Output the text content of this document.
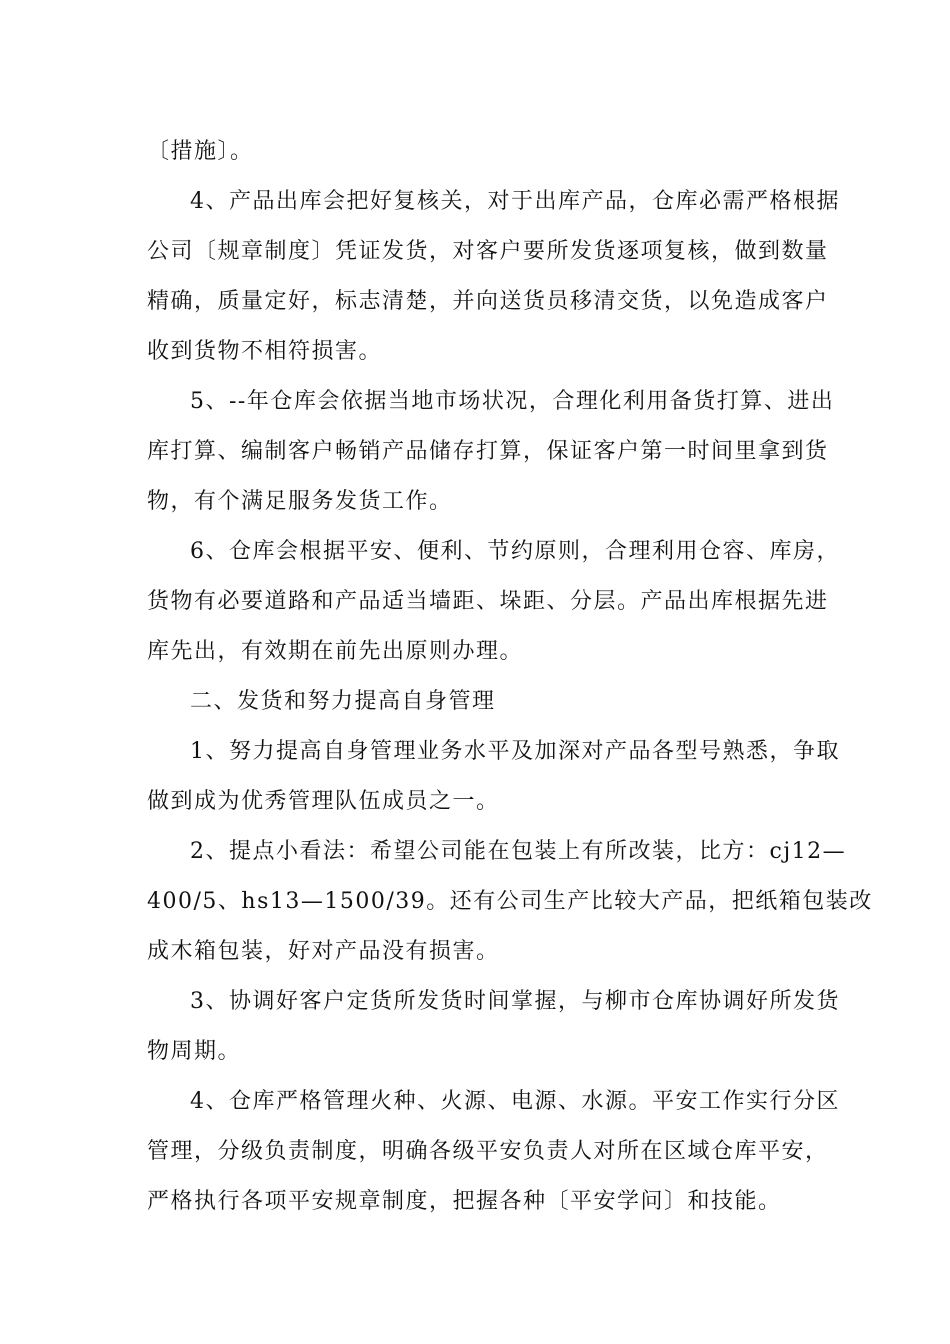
〔措施〕。
4、产品出库会把好复核关，对于出库产品，仓库必需严格根据
公司〔规章制度〕凭证发货，对客户要所发货逐项复核，做到数量
精确，质量定好，标志清楚，并向送货员移清交货，以免造成客户
收到货物不相符损害。
5、--年仓库会依据当地市场状况，合理化利用备货打算、进出
库打算、编制客户畅销产品储存打算，保证客户第一时间里拿到货
物，有个满足服务发货工作。
6、仓库会根据平安、便利、节约原则，合理利用仓容、库房，
货物有必要道路和产品适当墙距、垛距、分层。产品出库根据先进
库先出，有效期在前先出原则办理。
二、发货和努力提高自身管理
1、努力提高自身管理业务水平及加深对产品各型号熟悉，争取
做到成为优秀管理队伍成员之一。
2、提点小看法：希望公司能在包装上有所改装，比方：cj12—
400/5、hs13—1500/39。还有公司生产比较大产品，把纸箱包装改
成木箱包装，好对产品没有损害。
3、协调好客户定货所发货时间掌握，与柳市仓库协调好所发货
物周期。
4、仓库严格管理火种、火源、电源、水源。平安工作实行分区
管理，分级负责制度，明确各级平安负责人对所在区域仓库平安，
严格执行各项平安规章制度，把握各种〔平安学问〕和技能。
